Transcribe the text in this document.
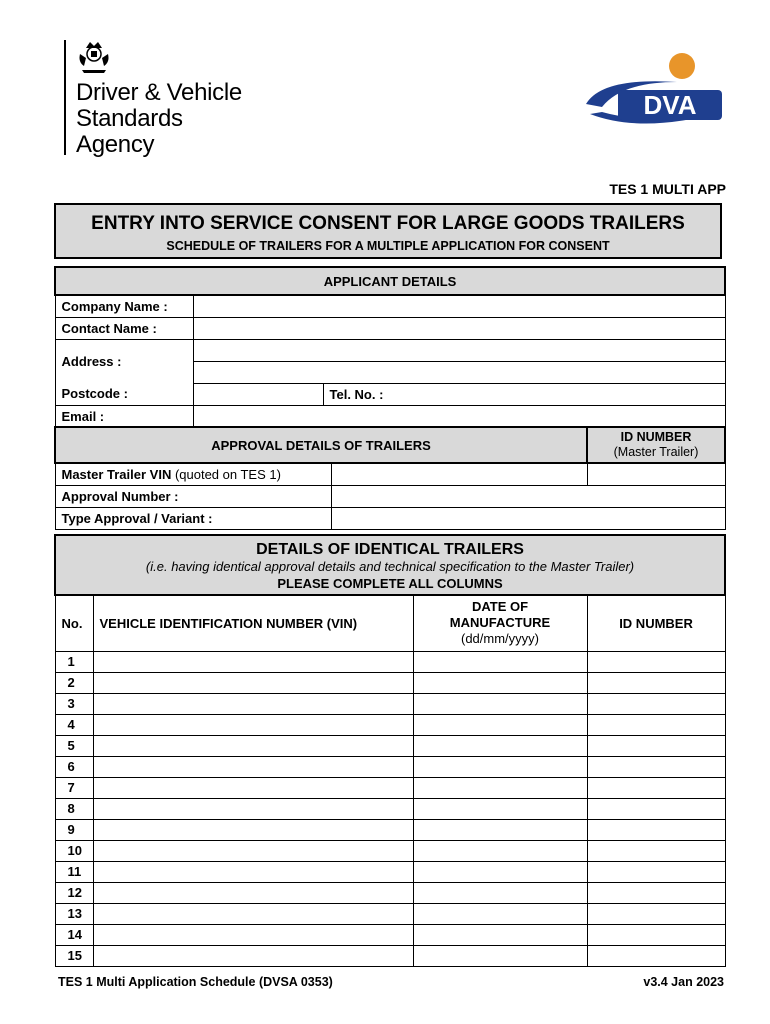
Driver & Vehicle
Standards
Agency
DVA
TES 1 MULTI APP
ENTRY INTO SERVICE CONSENT FOR LARGE GOODS TRAILERS
SCHEDULE OF TRAILERS FOR A MULTIPLE APPLICATION FOR CONSENT
APPLICANT DETAILS		
Company Name :		
Contact Name :		
Address :		

Postcode :		Tel. No. :
Email :		
APPROVAL DETAILS OF TRAILERS		ID NUMBER
(Master Trailer)

Master Trailer VIN (quoted on TES 1)		
Approval Number :		
Type Approval / Variant :		
DETAILS OF IDENTICAL TRAILERS
(i.e. having identical approval details and technical specification to the Master Trailer)
PLEASE COMPLETE ALL COLUMNS			

No.	VEHICLE IDENTIFICATION NUMBER (VIN)	DATE OF
MANUFACTURE
(dd/mm/yyyy)	ID NUMBER
1			
2			
3			
4			
5			
6			
7			
8			
9			
10			
11			
12			
13			
14			
15			
TES 1 Multi Application Schedule (DVSA 0353)	v3.4 Jan 2023
